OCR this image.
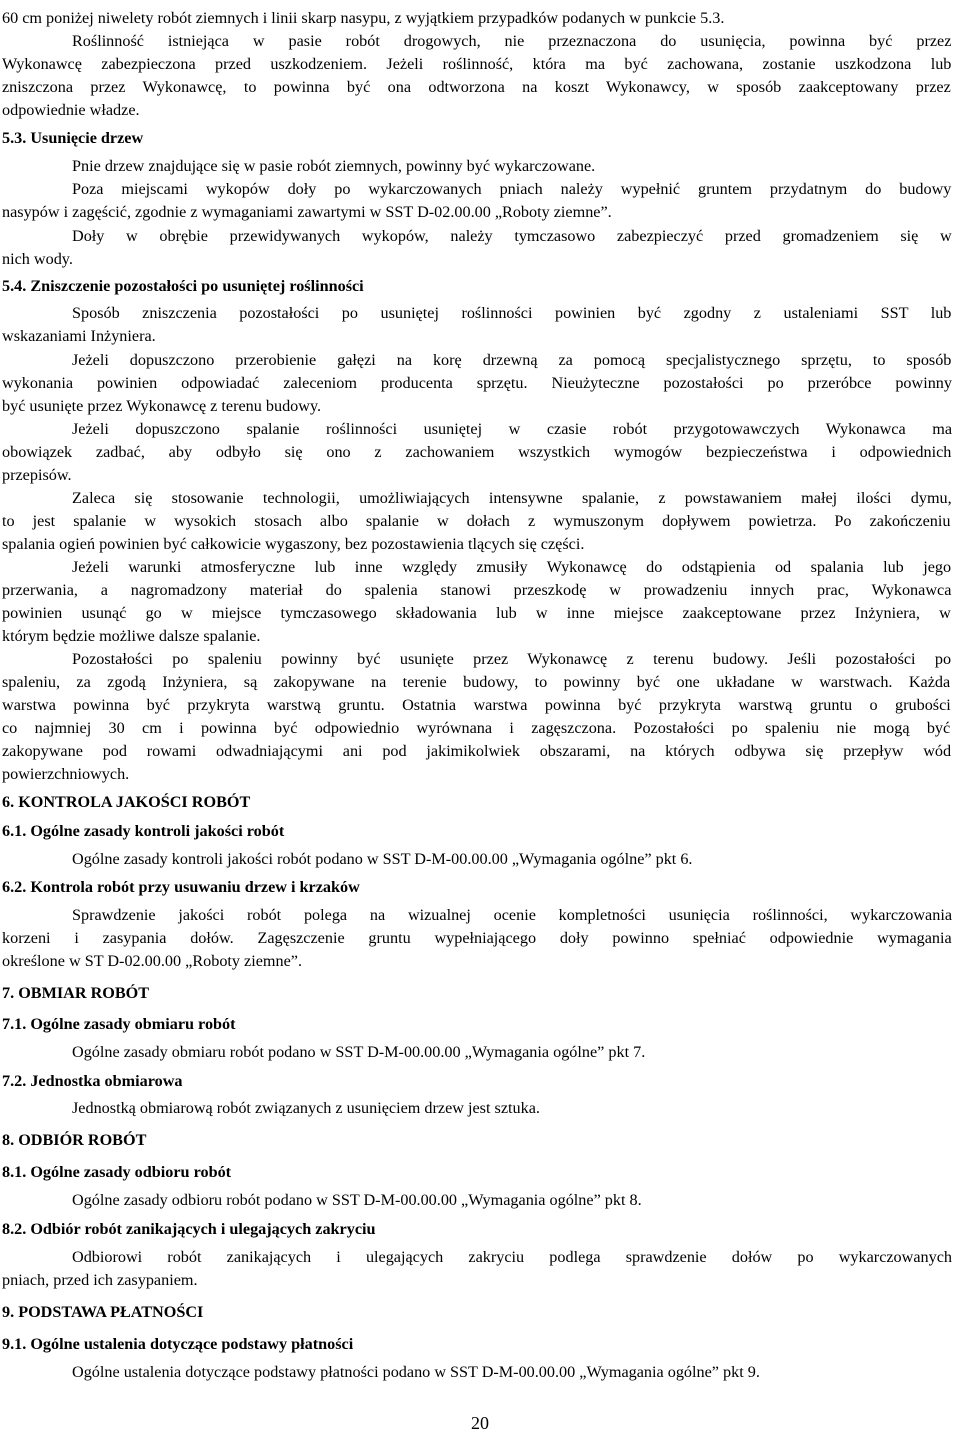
60 cm poniżej niwelety robót ziemnych i linii skarp nasypu, z wyjątkiem przypadków podanych w punkcie 5.3.
Roślinność istniejąca w pasie robót drogowych, nie przeznaczona do usunięcia, powinna być przez
Wykonawcę zabezpieczona przed uszkodzeniem. Jeżeli roślinność, która ma być zachowana, zostanie uszkodzona lub
zniszczona przez Wykonawcę, to powinna być ona odtworzona na koszt Wykonawcy, w sposób zaakceptowany przez
odpowiednie władze.
5.3. Usunięcie drzew
Pnie drzew znajdujące się w pasie robót ziemnych, powinny być wykarczowane.
Poza miejscami wykopów doły po wykarczowanych pniach należy wypełnić gruntem przydatnym do budowy
nasypów i zagęścić, zgodnie z wymaganiami zawartymi w SST D-02.00.00 „Roboty ziemne”.
Doły w obrębie przewidywanych wykopów, należy tymczasowo zabezpieczyć przed gromadzeniem się w
nich wody.
5.4. Zniszczenie pozostałości po usuniętej roślinności
Sposób zniszczenia pozostałości po usuniętej roślinności powinien być zgodny z ustaleniami SST lub
wskazaniami Inżyniera.
Jeżeli dopuszczono przerobienie gałęzi na korę drzewną za pomocą specjalistycznego sprzętu, to sposób
wykonania powinien odpowiadać zaleceniom producenta sprzętu. Nieużyteczne pozostałości po przeróbce powinny
być usunięte przez Wykonawcę z terenu budowy.
Jeżeli dopuszczono spalanie roślinności usuniętej w czasie robót przygotowawczych Wykonawca ma
obowiązek zadbać, aby odbyło się ono z zachowaniem wszystkich wymogów bezpieczeństwa i odpowiednich
przepisów.
Zaleca się stosowanie technologii, umożliwiających intensywne spalanie, z powstawaniem małej ilości dymu,
to jest spalanie w wysokich stosach albo spalanie w dołach z wymuszonym dopływem powietrza. Po zakończeniu
spalania ogień powinien być całkowicie wygaszony, bez pozostawienia tlących się części.
Jeżeli warunki atmosferyczne lub inne względy zmusiły Wykonawcę do odstąpienia od spalania lub jego
przerwania, a nagromadzony materiał do spalenia stanowi przeszkodę w prowadzeniu innych prac, Wykonawca
powinien usunąć go w miejsce tymczasowego składowania lub w inne miejsce zaakceptowane przez Inżyniera, w
którym będzie możliwe dalsze spalanie.
Pozostałości po spaleniu powinny być usunięte przez Wykonawcę z terenu budowy. Jeśli pozostałości po
spaleniu, za zgodą Inżyniera, są zakopywane na terenie budowy, to powinny być one układane w warstwach. Każda
warstwa powinna być przykryta warstwą gruntu. Ostatnia warstwa powinna być przykryta warstwą gruntu o grubości
co najmniej 30 cm i powinna być odpowiednio wyrównana i zagęszczona. Pozostałości po spaleniu nie mogą być
zakopywane pod rowami odwadniającymi ani pod jakimikolwiek obszarami, na których odbywa się przepływ wód
powierzchniowych.
6. KONTROLA JAKOŚCI ROBÓT
6.1. Ogólne zasady kontroli jakości robót
Ogólne zasady kontroli jakości robót podano w SST D-M-00.00.00 „Wymagania ogólne” pkt 6.
6.2. Kontrola robót przy usuwaniu drzew i krzaków
Sprawdzenie jakości robót polega na wizualnej ocenie kompletności usunięcia roślinności, wykarczowania
korzeni i zasypania dołów. Zagęszczenie gruntu wypełniającego doły powinno spełniać odpowiednie wymagania
określone w ST D-02.00.00 „Roboty ziemne”.
7. OBMIAR ROBÓT
7.1. Ogólne zasady obmiaru robót
Ogólne zasady obmiaru robót podano w SST D-M-00.00.00 „Wymagania ogólne” pkt 7.
7.2. Jednostka obmiarowa
Jednostką obmiarową robót związanych z usunięciem drzew jest sztuka.
8. ODBIÓR ROBÓT
8.1. Ogólne zasady odbioru robót
Ogólne zasady odbioru robót podano w SST D-M-00.00.00 „Wymagania ogólne” pkt 8.
8.2. Odbiór robót zanikających i ulegających zakryciu
Odbiorowi robót zanikających i ulegających zakryciu podlega sprawdzenie dołów po wykarczowanych
pniach, przed ich zasypaniem.
9. PODSTAWA PŁATNOŚCI
9.1. Ogólne ustalenia dotyczące podstawy płatności
Ogólne ustalenia dotyczące podstawy płatności podano w SST D-M-00.00.00 „Wymagania ogólne” pkt 9.
20
